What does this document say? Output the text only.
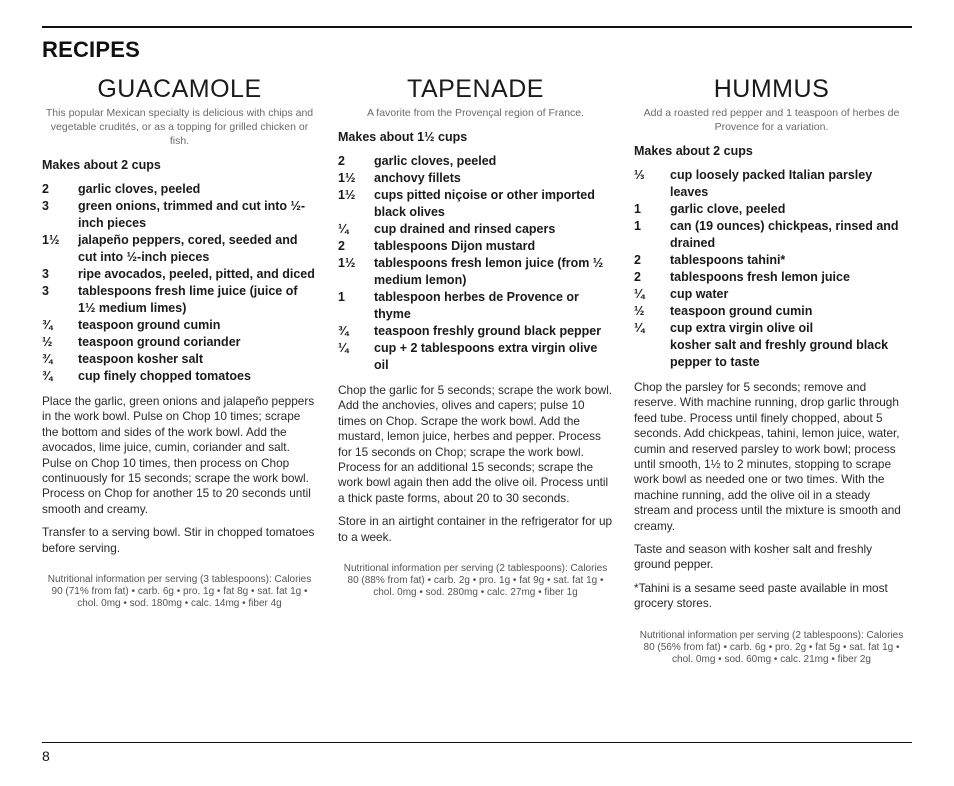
RECIPES
GUACAMOLE
This popular Mexican specialty is delicious with chips and vegetable crudités, or as a topping for grilled chicken or fish.
Makes about 2 cups
2	garlic cloves, peeled
3	green onions, trimmed and cut into ½-inch pieces
1½	jalapeño peppers, cored, seeded and cut into ½-inch pieces
3	ripe avocados, peeled, pitted, and diced
3	tablespoons fresh lime juice (juice of 1½ medium limes)
¾	teaspoon ground cumin
½	teaspoon ground coriander
¾	teaspoon kosher salt
¾	cup finely chopped tomatoes

Place the garlic, green onions and jalapeño peppers in the work bowl. Pulse on Chop 10 times; scrape the bottom and sides of the work bowl. Add the avocados, lime juice, cumin, coriander and salt. Pulse on Chop 10 times, then process on Chop continuously for 15 seconds; scrape the work bowl. Process on Chop for another 15 to 20 seconds until smooth and creamy.

Transfer to a serving bowl. Stir in chopped tomatoes before serving.

Nutritional information per serving (3 tablespoons): Calories 90 (71% from fat) • carb. 6g • pro. 1g • fat 8g • sat. fat 1g • chol. 0mg • sod. 180mg • calc. 14mg • fiber 4g
TAPENADE
A favorite from the Provençal region of France.
Makes about 1½ cups
2	garlic cloves, peeled
1½	anchovy fillets
1½	cups pitted niçoise or other imported black olives
¼	cup drained and rinsed capers
2	tablespoons Dijon mustard
1½	tablespoons fresh lemon juice (from ½ medium lemon)
1	tablespoon herbes de Provence or thyme
¾	teaspoon freshly ground black pepper
¼	cup + 2 tablespoons extra virgin olive oil

Chop the garlic for 5 seconds; scrape the work bowl. Add the anchovies, olives and capers; pulse 10 times on Chop. Scrape the work bowl. Add the mustard, lemon juice, herbes and pepper. Process for 15 seconds on Chop; scrape the work bowl. Process for an additional 15 seconds; scrape the work bowl again then add the olive oil. Process until a thick paste forms, about 20 to 30 seconds.

Store in an airtight container in the refrigerator for up to a week.

Nutritional information per serving (2 tablespoons): Calories 80 (88% from fat) • carb. 2g • pro. 1g • fat 9g • sat. fat 1g • chol. 0mg • sod. 280mg • calc. 27mg • fiber 1g
HUMMUS
Add a roasted red pepper and 1 teaspoon of herbes de Provence for a variation.
Makes about 2 cups
⅓	cup loosely packed Italian parsley leaves
1	garlic clove, peeled
1	can (19 ounces) chickpeas, rinsed and drained
2	tablespoons tahini*
2	tablespoons fresh lemon juice
¼	cup water
½	teaspoon ground cumin
¼	cup extra virgin olive oil
kosher salt and freshly ground black pepper to taste

Chop the parsley for 5 seconds; remove and reserve. With machine running, drop garlic through feed tube. Process until finely chopped, about 5 seconds. Add chickpeas, tahini, lemon juice, water, cumin and reserved parsley to work bowl; process until smooth, 1½ to 2 minutes, stopping to scrape work bowl as needed one or two times. With the machine running, add the olive oil in a steady stream and process until the mixture is smooth and creamy.

Taste and season with kosher salt and freshly ground pepper.

*Tahini is a sesame seed paste available in most grocery stores.

Nutritional information per serving (2 tablespoons): Calories 80 (56% from fat) • carb. 6g • pro. 2g • fat 5g • sat. fat 1g • chol. 0mg • sod. 60mg • calc. 21mg • fiber 2g
8
